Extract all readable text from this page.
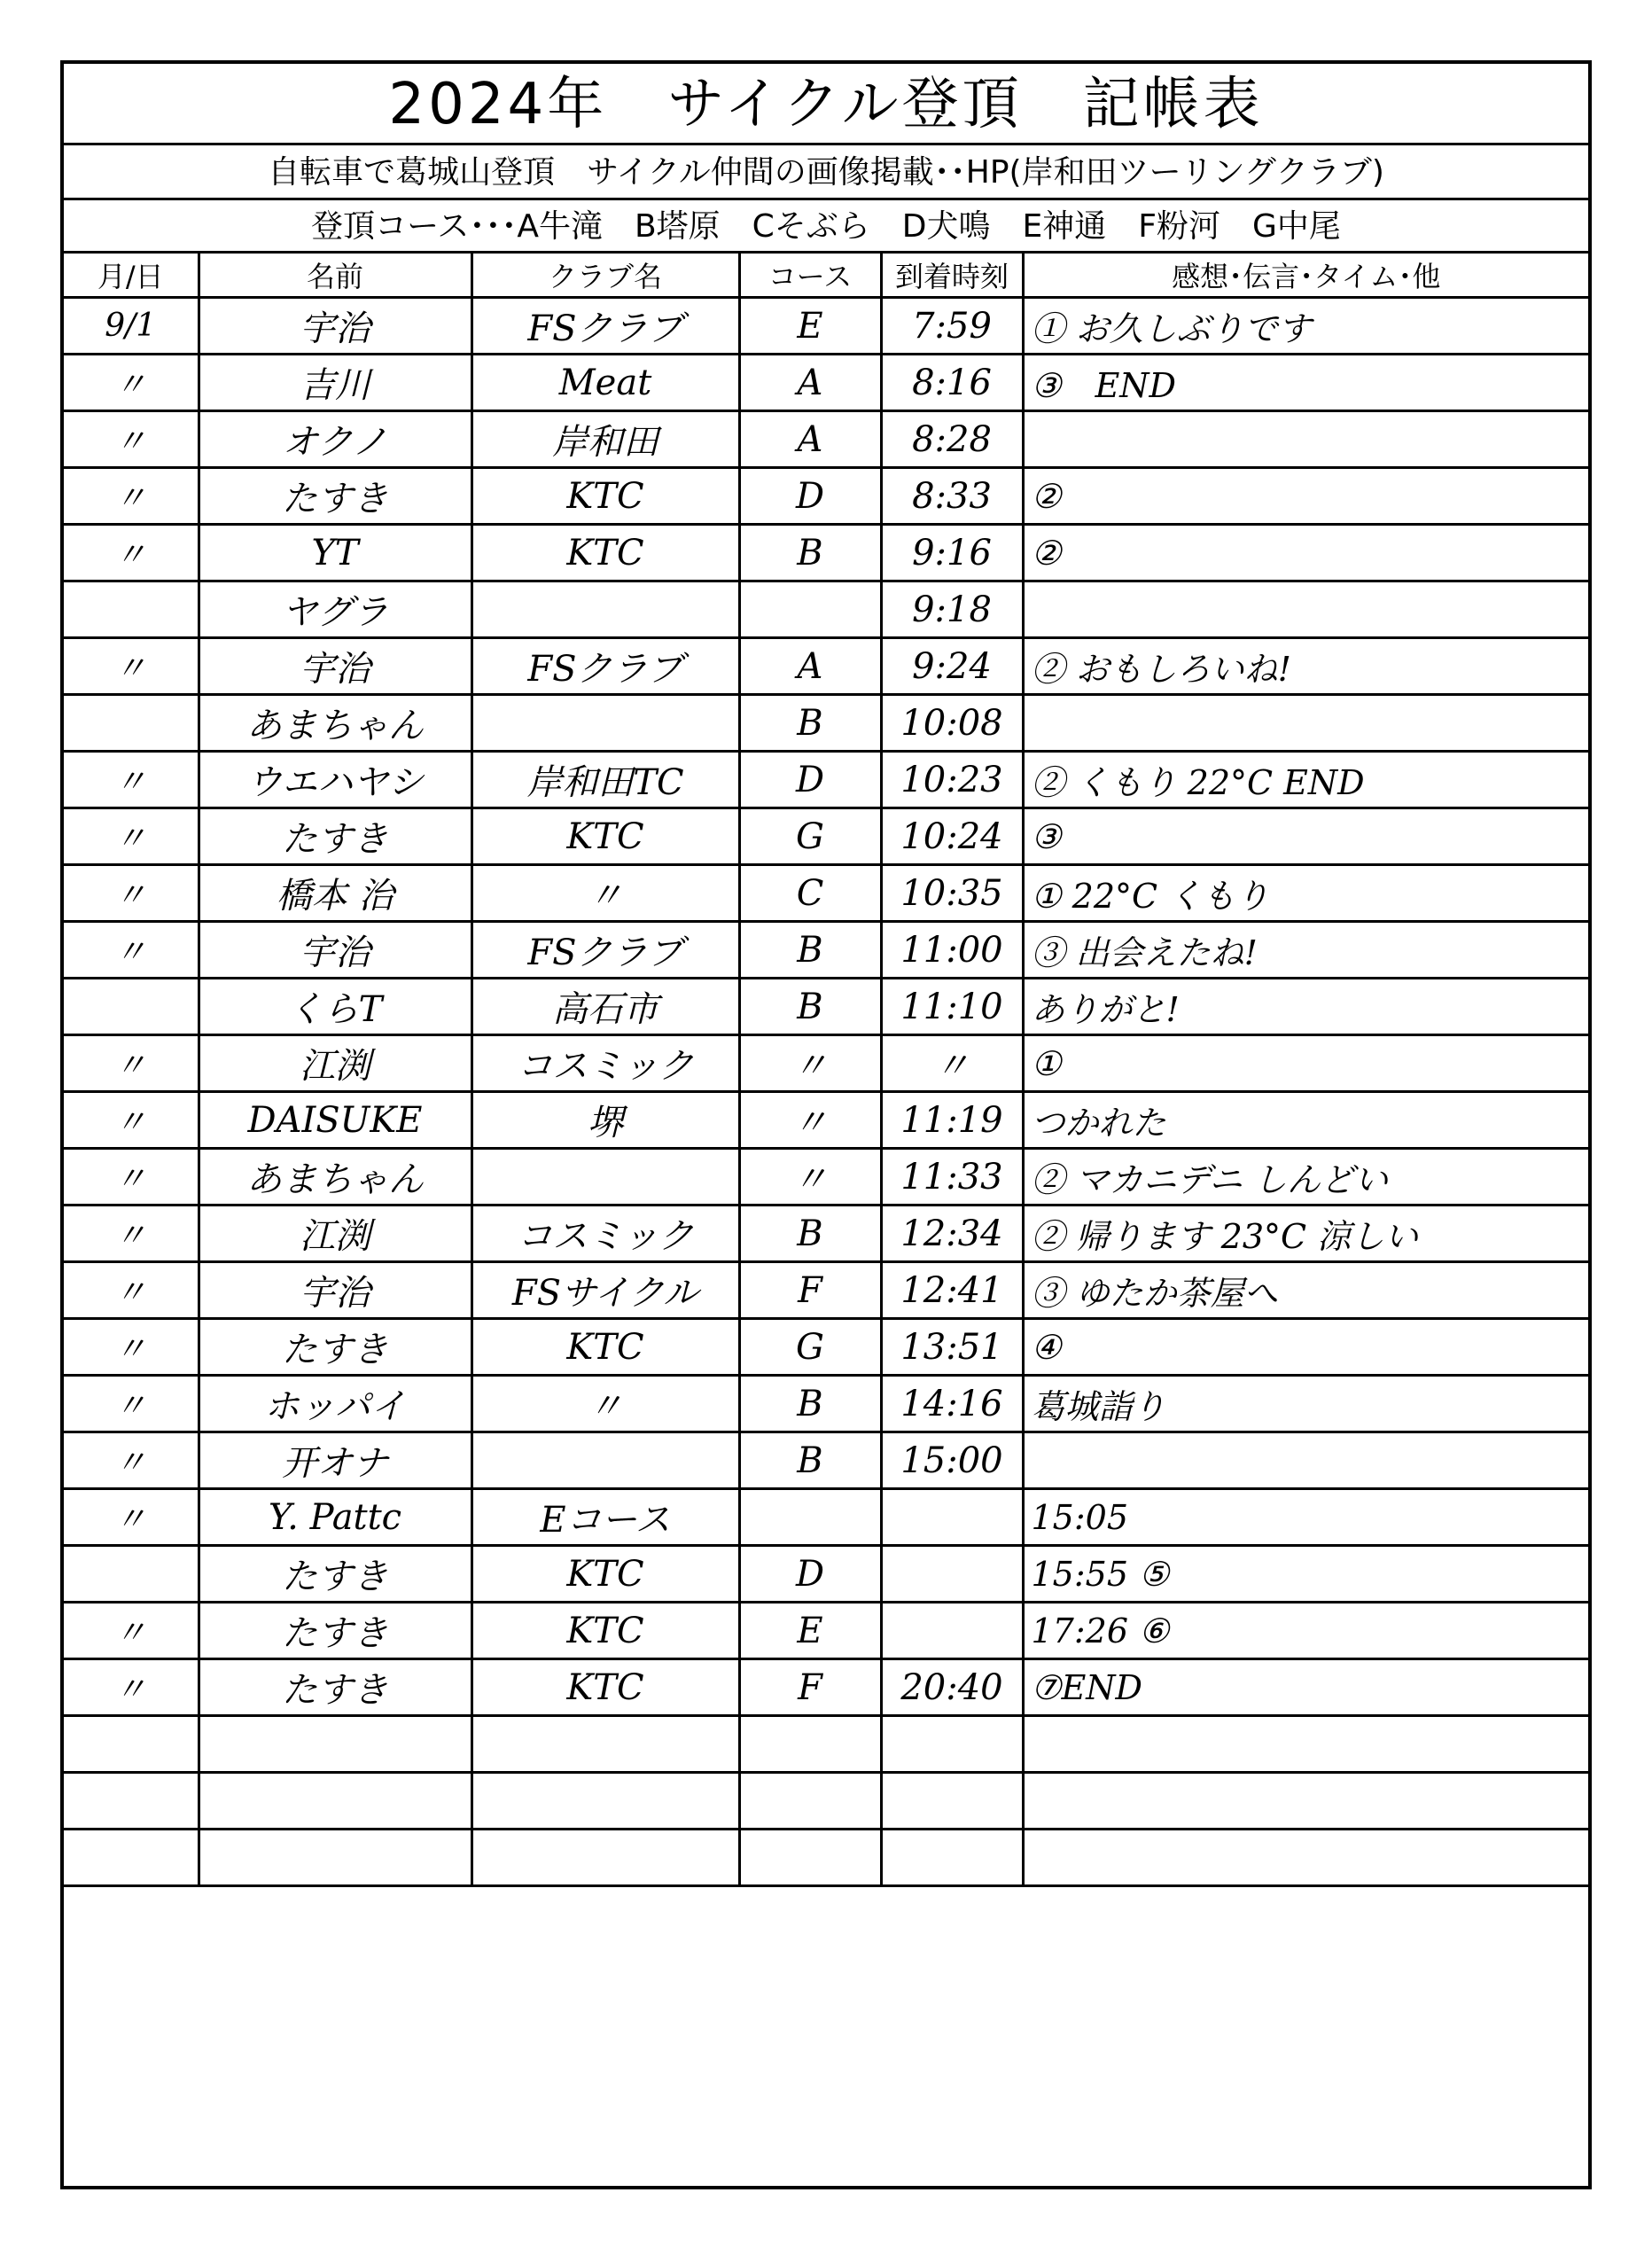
2024年　サイクル登頂　記帳表
自転車で葛城山登頂　サイクル仲間の画像掲載･･HP(岸和田ツーリングクラブ)
登頂コース･･･A牛滝　B塔原　Cそぶら　D犬鳴　E神通　F粉河　G中尾
月/日	名前	クラブ名	コース	到着時刻	感想･伝言･タイム･他
9/1	宇治	FSクラブ	E	7:59	① お久しぶりです
〃	吉川	Meat	A	8:16	③　END
〃	オクノ	岸和田	A	8:28	
〃	たすき	KTC	D	8:33	②
〃	YT	KTC	B	9:16	②
	ヤグラ			9:18	
〃	宇治	FSクラブ	A	9:24	② おもしろいね!
	あまちゃん		B	10:08	
〃	ウエハヤシ	岸和田TC	D	10:23	② くもり 22°C END
〃	たすき	KTC	G	10:24	③
〃	橋本 治	〃	C	10:35	① 22°C くもり
〃	宇治	FSクラブ	B	11:00	③ 出会えたね!
	くらT	高石市	B	11:10	ありがと!
〃	江渕	コスミック	〃	〃	①
〃	DAISUKE	堺	〃	11:19	つかれた
〃	あまちゃん		〃	11:33	② マカニデニ しんどい
〃	江渕	コスミック	B	12:34	② 帰ります 23°C 涼しい
〃	宇治	FSサイクル	F	12:41	③ ゆたか茶屋へ
〃	たすき	KTC	G	13:51	④
〃	ホッパイ	〃	B	14:16	葛城詣り
〃	开オナ		B	15:00	
〃	Y. Pattc	Eコース			15:05
	たすき	KTC	D		15:55 ⑤
〃	たすき	KTC	E		17:26 ⑥
〃	たすき	KTC	F	20:40	⑦END
